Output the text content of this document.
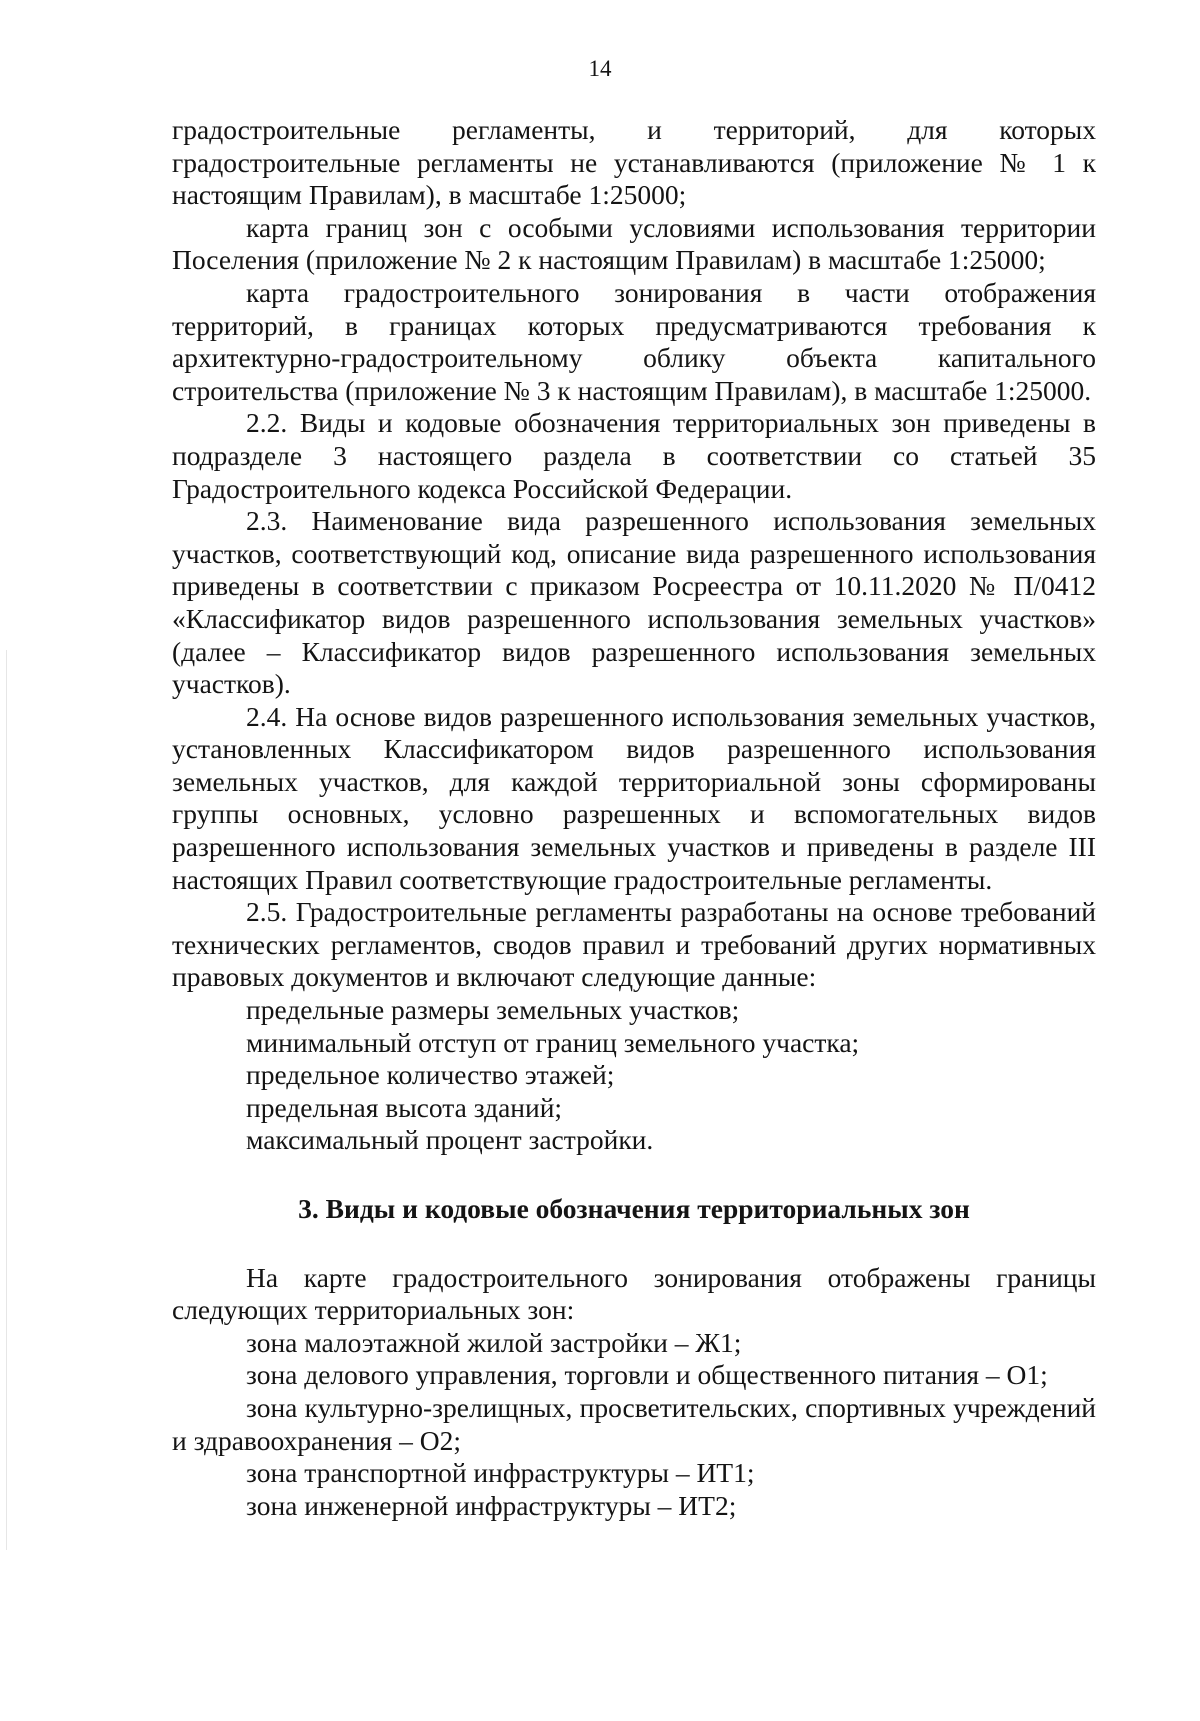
14

градостроительные регламенты, и территорий, для которых градостроительные регламенты не устанавливаются (приложение № 1 к настоящим Правилам), в масштабе 1:25000;

карта границ зон с особыми условиями использования территории Поселения (приложение № 2 к настоящим Правилам) в масштабе 1:25000;

карта градостроительного зонирования в части отображения территорий, в границах которых предусматриваются требования к архитектурно-градостроительному облику объекта капитального строительства (приложение № 3 к настоящим Правилам), в масштабе 1:25000.

2.2. Виды и кодовые обозначения территориальных зон приведены в подразделе 3 настоящего раздела в соответствии со статьей 35 Градостроительного кодекса Российской Федерации.

2.3. Наименование вида разрешенного использования земельных участков, соответствующий код, описание вида разрешенного использования приведены в соответствии с приказом Росреестра от 10.11.2020 № П/0412 «Классификатор видов разрешенного использования земельных участков» (далее – Классификатор видов разрешенного использования земельных участков).

2.4. На основе видов разрешенного использования земельных участков, установленных Классификатором видов разрешенного использования земельных участков, для каждой территориальной зоны сформированы группы основных, условно разрешенных и вспомогательных видов разрешенного использования земельных участков и приведены в разделе III настоящих Правил соответствующие градостроительные регламенты.

2.5. Градостроительные регламенты разработаны на основе требований технических регламентов, сводов правил и требований других нормативных правовых документов и включают следующие данные:

предельные размеры земельных участков;

минимальный отступ от границ земельного участка;

предельное количество этажей;

предельная высота зданий;

максимальный процент застройки.

3. Виды и кодовые обозначения территориальных зон

На карте градостроительного зонирования отображены границы следующих территориальных зон:

зона малоэтажной жилой застройки – Ж1;

зона делового управления, торговли и общественного питания – О1;

зона культурно-зрелищных, просветительских, спортивных учреждений и здравоохранения – О2;

зона транспортной инфраструктуры – ИТ1;

зона инженерной инфраструктуры – ИТ2;
